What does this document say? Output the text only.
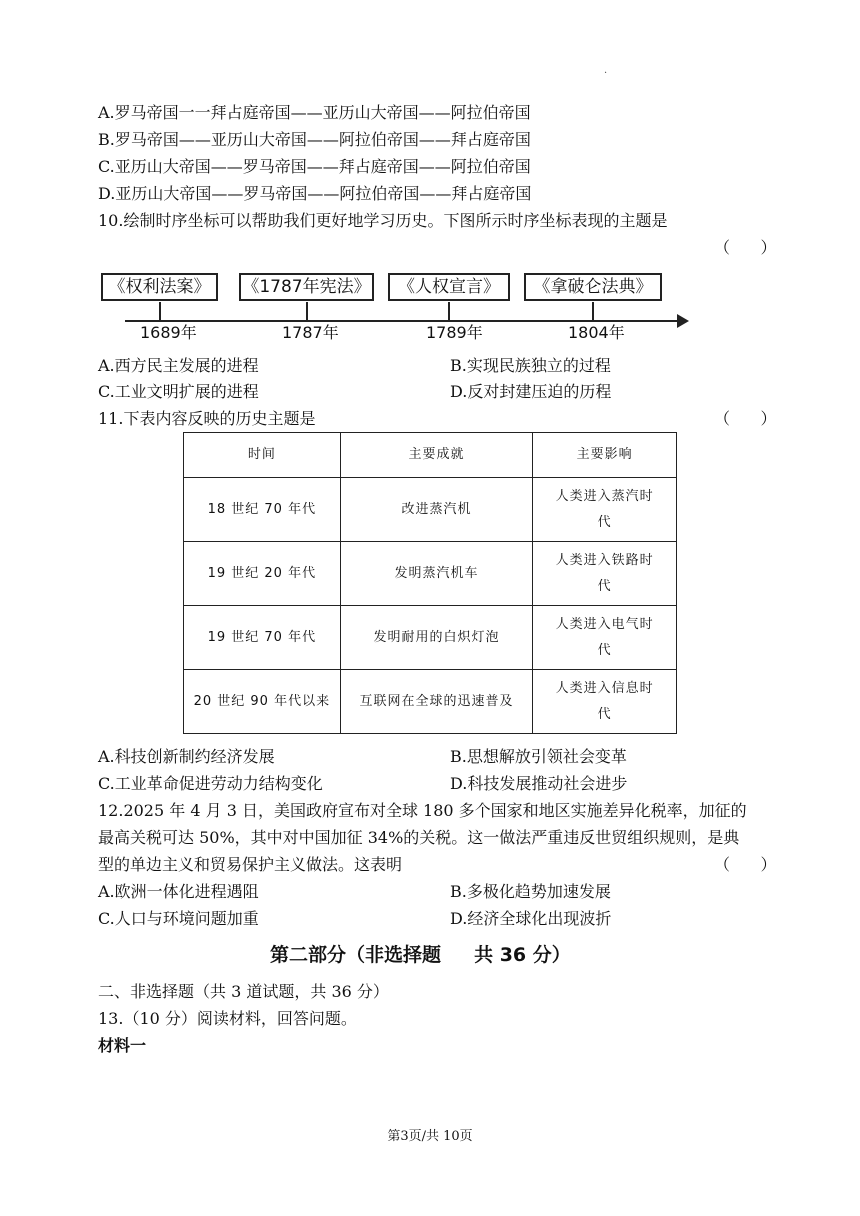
·
A.罗马帝国一一拜占庭帝国——亚历山大帝国——阿拉伯帝国
B.罗马帝国——亚历山大帝国——阿拉伯帝国——拜占庭帝国
C.亚历山大帝国——罗马帝国——拜占庭帝国——阿拉伯帝国
D.亚历山大帝国——罗马帝国——阿拉伯帝国——拜占庭帝国
10.绘制时序坐标可以帮助我们更好地学习历史。下图所示时序坐标表现的主题是
（      ）
《权利法案》	《1787年宪法》	《人权宣言》	《拿破仑法典》
1689年	1787年	1789年	1804年
A.西方民主发展的进程	B.实现民族独立的过程
C.工业文明扩展的进程	D.反对封建压迫的历程
11.下表内容反映的历史主题是	（      ）
时间	主要成就	主要影响
18 世纪 70 年代	改进蒸汽机	人类进入蒸汽时
代
19 世纪 20 年代	发明蒸汽机车	人类进入铁路时
代
19 世纪 70 年代	发明耐用的白炽灯泡	人类进入电气时
代
20 世纪 90 年代以来	互联网在全球的迅速普及	人类进入信息时
代
A.科技创新制约经济发展	B.思想解放引领社会变革
C.工业革命促进劳动力结构变化	D.科技发展推动社会进步
12.2025 年 4 月 3 日，美国政府宣布对全球 180 多个国家和地区实施差异化税率，加征的
最高关税可达 50%，其中对中国加征 34%的关税。这一做法严重违反世贸组织规则，是典
型的单边主义和贸易保护主义做法。这表明	（      ）
A.欧洲一体化进程遇阻	B.多极化趋势加速发展
C.人口与环境问题加重	D.经济全球化出现波折
第二部分（非选择题     共 36 分）
二、非选择题（共 3 道试题，共 36 分）
13.（10 分）阅读材料，回答问题。
材料一
第3页/共 10页
